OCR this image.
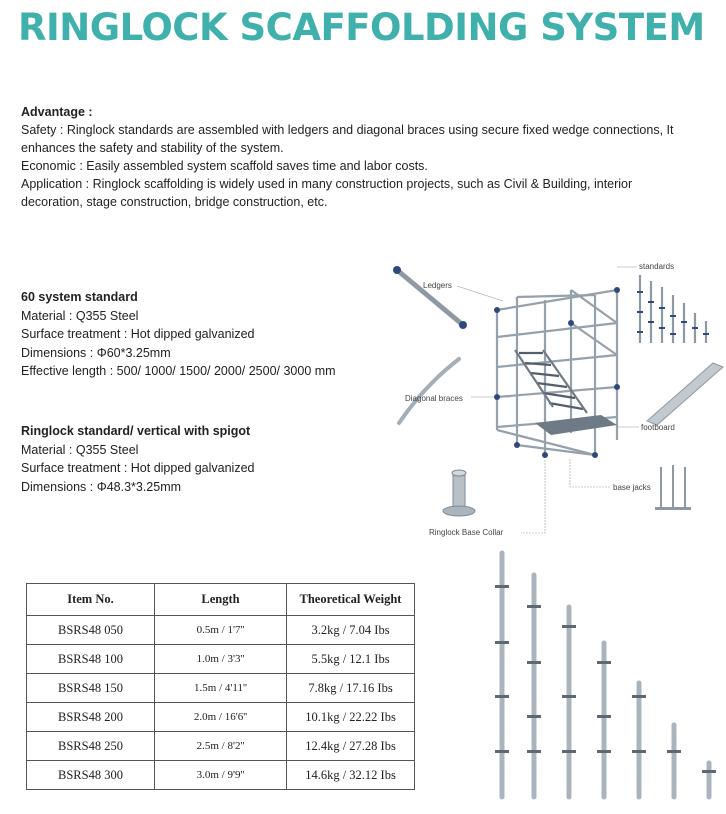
RINGLOCK SCAFFOLDING SYSTEM
Advantage :
Safety : Ringlock standards are assembled with ledgers and diagonal braces using secure fixed wedge connections, It
enhances the safety and stability of the system.
Economic : Easily assembled system scaffold saves time and labor costs.
Application : Ringlock scaffolding is widely used in many construction projects, such as Civil & Building, interior
decoration, stage construction, bridge construction, etc.
60 system standard
Material : Q355 Steel
Surface treatment : Hot dipped galvanized
Dimensions : Φ60*3.25mm
Effective length : 500/ 1000/ 1500/ 2000/ 2500/ 3000 mm
Ringlock standard/ vertical with spigot
Material : Q355 Steel
Surface treatment : Hot dipped galvanized
Dimensions : Φ48.3*3.25mm
Ledgers
Diagonal braces
standards
footboard
base jacks
Ringlock Base Collar
Item No.	Length	Theoretical Weight
BSRS48 050	0.5m / 1'7''	3.2kg / 7.04 Ibs
BSRS48 100	1.0m / 3'3''	5.5kg / 12.1 Ibs
BSRS48 150	1.5m / 4'11''	7.8kg / 17.16 Ibs
BSRS48 200	2.0m / 16'6''	10.1kg / 22.22 Ibs
BSRS48 250	2.5m / 8'2''	12.4kg / 27.28 Ibs
BSRS48 300	3.0m / 9'9''	14.6kg / 32.12 Ibs
